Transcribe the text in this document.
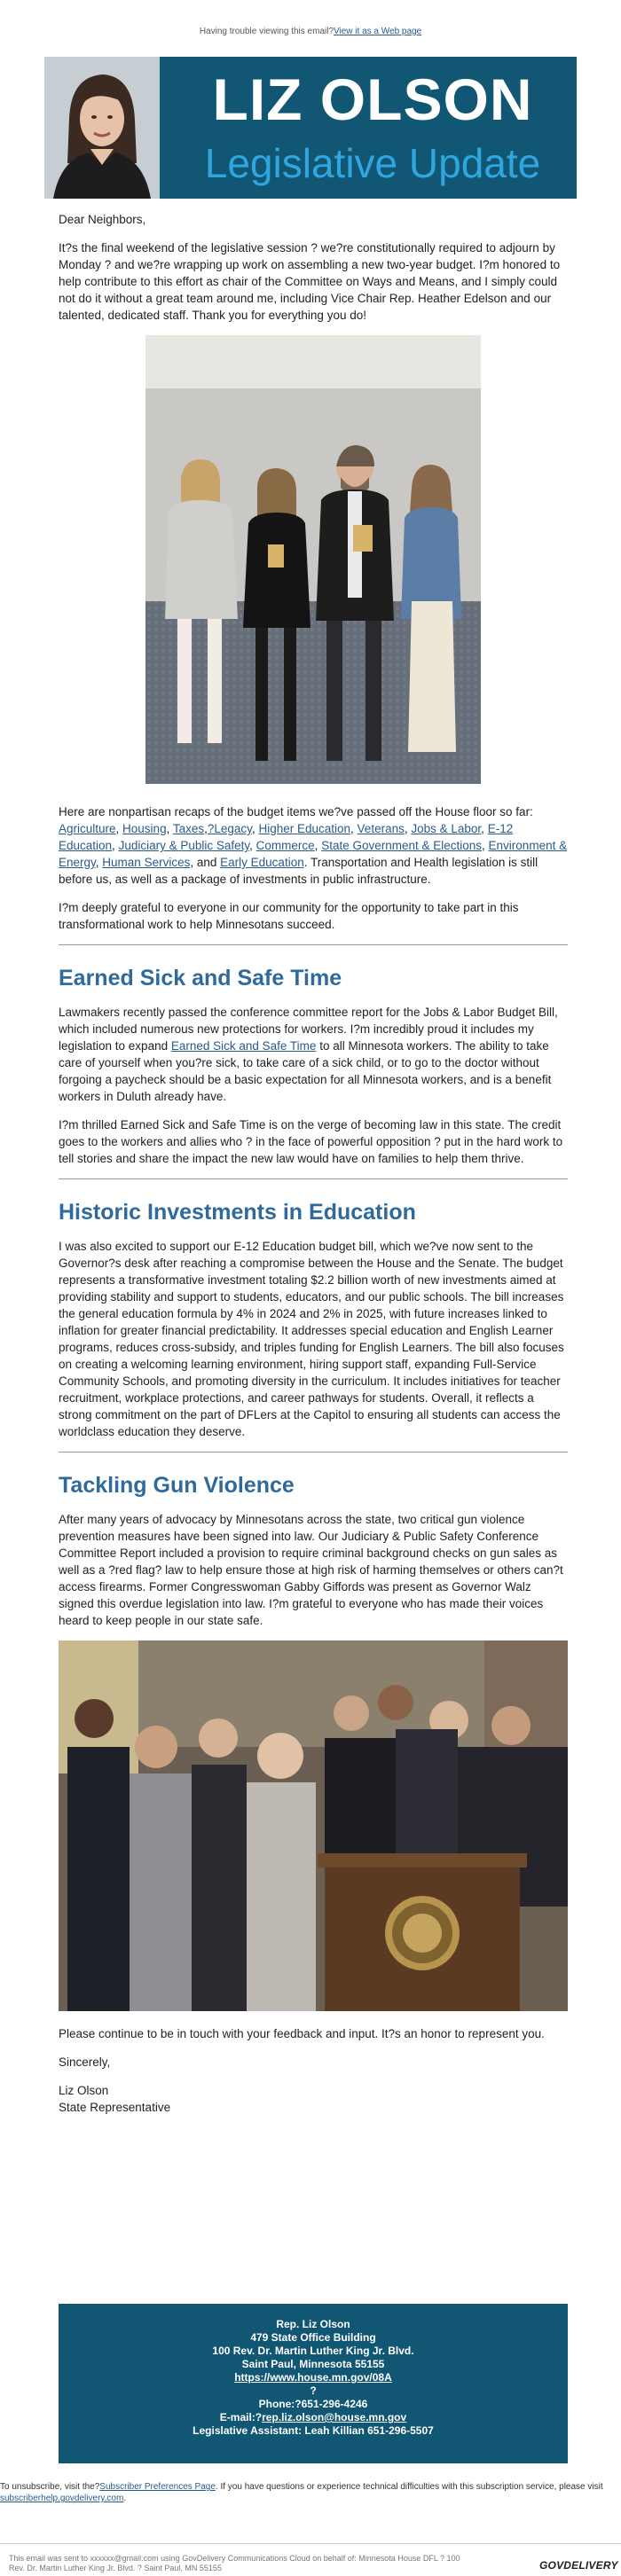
Having trouble viewing this email?View it as a Web page
LIZ OLSON
Legislative Update

Dear Neighbors,

It?s the final weekend of the legislative session ? we?re constitutionally required to adjourn by Monday ? and we?re wrapping up work on assembling a new two-year budget. I?m honored to help contribute to this effort as chair of the Committee on Ways and Means, and I simply could not do it without a great team around me, including Vice Chair Rep. Heather Edelson and our talented, dedicated staff. Thank you for everything you do!

Here are nonpartisan recaps of the budget items we?ve passed off the House floor so far: Agriculture, Housing, Taxes,?Legacy, Higher Education, Veterans, Jobs & Labor, E-12 Education, Judiciary & Public Safety, Commerce, State Government & Elections, Environment & Energy, Human Services, and Early Education. Transportation and Health legislation is still before us, as well as a package of investments in public infrastructure.

I?m deeply grateful to everyone in our community for the opportunity to take part in this transformational work to help Minnesotans succeed.

Earned Sick and Safe Time

Lawmakers recently passed the conference committee report for the Jobs & Labor Budget Bill, which included numerous new protections for workers. I?m incredibly proud it includes my legislation to expand Earned Sick and Safe Time to all Minnesota workers. The ability to take care of yourself when you?re sick, to take care of a sick child, or to go to the doctor without forgoing a paycheck should be a basic expectation for all Minnesota workers, and is a benefit workers in Duluth already have.

I?m thrilled Earned Sick and Safe Time is on the verge of becoming law in this state. The credit goes to the workers and allies who ? in the face of powerful opposition ? put in the hard work to tell stories and share the impact the new law would have on families to help them thrive.

Historic Investments in Education

I was also excited to support our E-12 Education budget bill, which we?ve now sent to the Governor?s desk after reaching a compromise between the House and the Senate. The budget represents a transformative investment totaling $2.2 billion worth of new investments aimed at providing stability and support to students, educators, and our public schools. The bill increases the general education formula by 4% in 2024 and 2% in 2025, with future increases linked to inflation for greater financial predictability. It addresses special education and English Learner programs, reduces cross-subsidy, and triples funding for English Learners. The bill also focuses on creating a welcoming learning environment, hiring support staff, expanding Full-Service Community Schools, and promoting diversity in the curriculum. It includes initiatives for teacher recruitment, workplace protections, and career pathways for students. Overall, it reflects a strong commitment on the part of DFLers at the Capitol to ensuring all students can access the worldclass education they deserve.

Tackling Gun Violence

After many years of advocacy by Minnesotans across the state, two critical gun violence prevention measures have been signed into law. Our Judiciary & Public Safety Conference Committee Report included a provision to require criminal background checks on gun sales as well as a ?red flag? law to help ensure those at high risk of harming themselves or others can?t access firearms. Former Congresswoman Gabby Giffords was present as Governor Walz signed this overdue legislation into law. I?m grateful to everyone who has made their voices heard to keep people in our state safe.

Please continue to be in touch with your feedback and input. It?s an honor to represent you.

Sincerely,

Liz Olson
State Representative
Rep. Liz Olson
479 State Office Building
100 Rev. Dr. Martin Luther King Jr. Blvd.
Saint Paul, Minnesota 55155
https://www.house.mn.gov/08A
?
Phone:?651-296-4246
E-mail:?rep.liz.olson@house.mn.gov
Legislative Assistant: Leah Killian 651-296-5507
To unsubscribe, visit the?Subscriber Preferences Page. If you have questions or experience technical difficulties with this subscription service, please visit subscriberhelp.govdelivery.com.
This email was sent to xxxxxx@gmail.com using GovDelivery Communications Cloud on behalf of: Minnesota House DFL ? 100
Rev. Dr. Martin Luther King Jr. Blvd. ? Saint Paul, MN 55155	GOVDELIVERY
